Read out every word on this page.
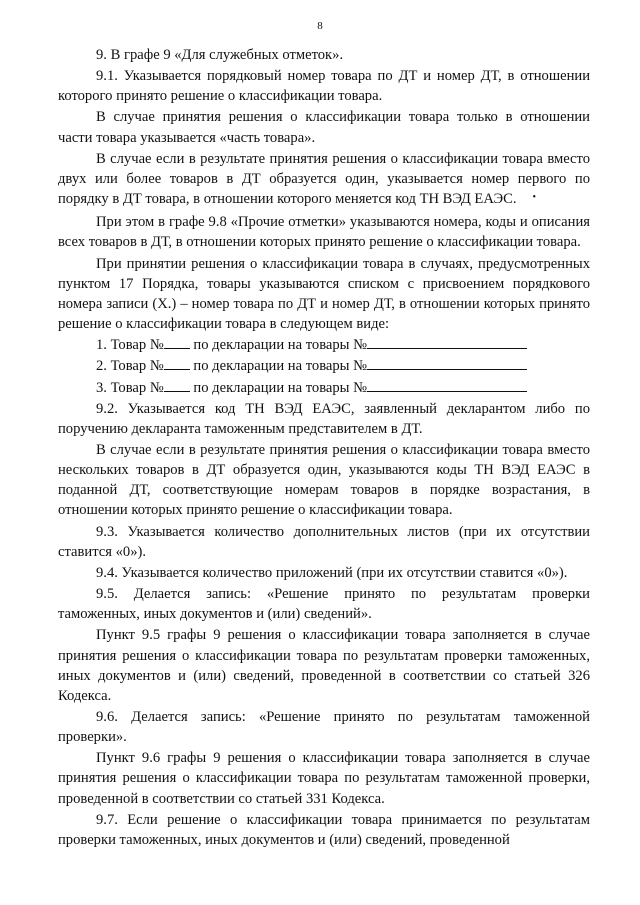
8

9. В графе 9 «Для служебных отметок».

9.1. Указывается порядковый номер товара по ДТ и номер ДТ, в отношении которого принято решение о классификации товара.

В случае принятия решения о классификации товара только в отношении части товара указывается «часть товара».

В случае если в результате принятия решения о классификации товара вместо двух или более товаров в ДТ образуется один, указывается номер первого по порядку в ДТ товара, в отношении которого меняется код ТН ВЭД ЕАЭС. •

При этом в графе 9.8 «Прочие отметки» указываются номера, коды и описания всех товаров в ДТ, в отношении которых принято решение о классификации товара.

При принятии решения о классификации товара в случаях, предусмотренных пунктом 17 Порядка, товары указываются списком с присвоением порядкового номера записи (Х.) – номер товара по ДТ и номер ДТ, в отношении которых принято решение о классификации товара в следующем виде:

1. Товар № по декларации на товары №
2. Товар № по декларации на товары №
3. Товар № по декларации на товары №

9.2. Указывается код ТН ВЭД ЕАЭС, заявленный декларантом либо по поручению декларанта таможенным представителем в ДТ.

В случае если в результате принятия решения о классификации товара вместо нескольких товаров в ДТ образуется один, указываются коды ТН ВЭД ЕАЭС в поданной ДТ, соответствующие номерам товаров в порядке возрастания, в отношении которых принято решение о классификации товара.

9.3. Указывается количество дополнительных листов (при их отсутствии ставится «0»).

9.4. Указывается количество приложений (при их отсутствии ставится «0»).

9.5. Делается запись: «Решение принято по результатам проверки таможенных, иных документов и (или) сведений».

Пункт 9.5 графы 9 решения о классификации товара заполняется в случае принятия решения о классификации товара по результатам проверки таможенных, иных документов и (или) сведений, проведенной в соответствии со статьей 326 Кодекса.

9.6. Делается запись: «Решение принято по результатам таможенной проверки».

Пункт 9.6 графы 9 решения о классификации товара заполняется в случае принятия решения о классификации товара по результатам таможенной проверки, проведенной в соответствии со статьей 331 Кодекса.

9.7. Если решение о классификации товара принимается по результатам проверки таможенных, иных документов и (или) сведений, проведенной
